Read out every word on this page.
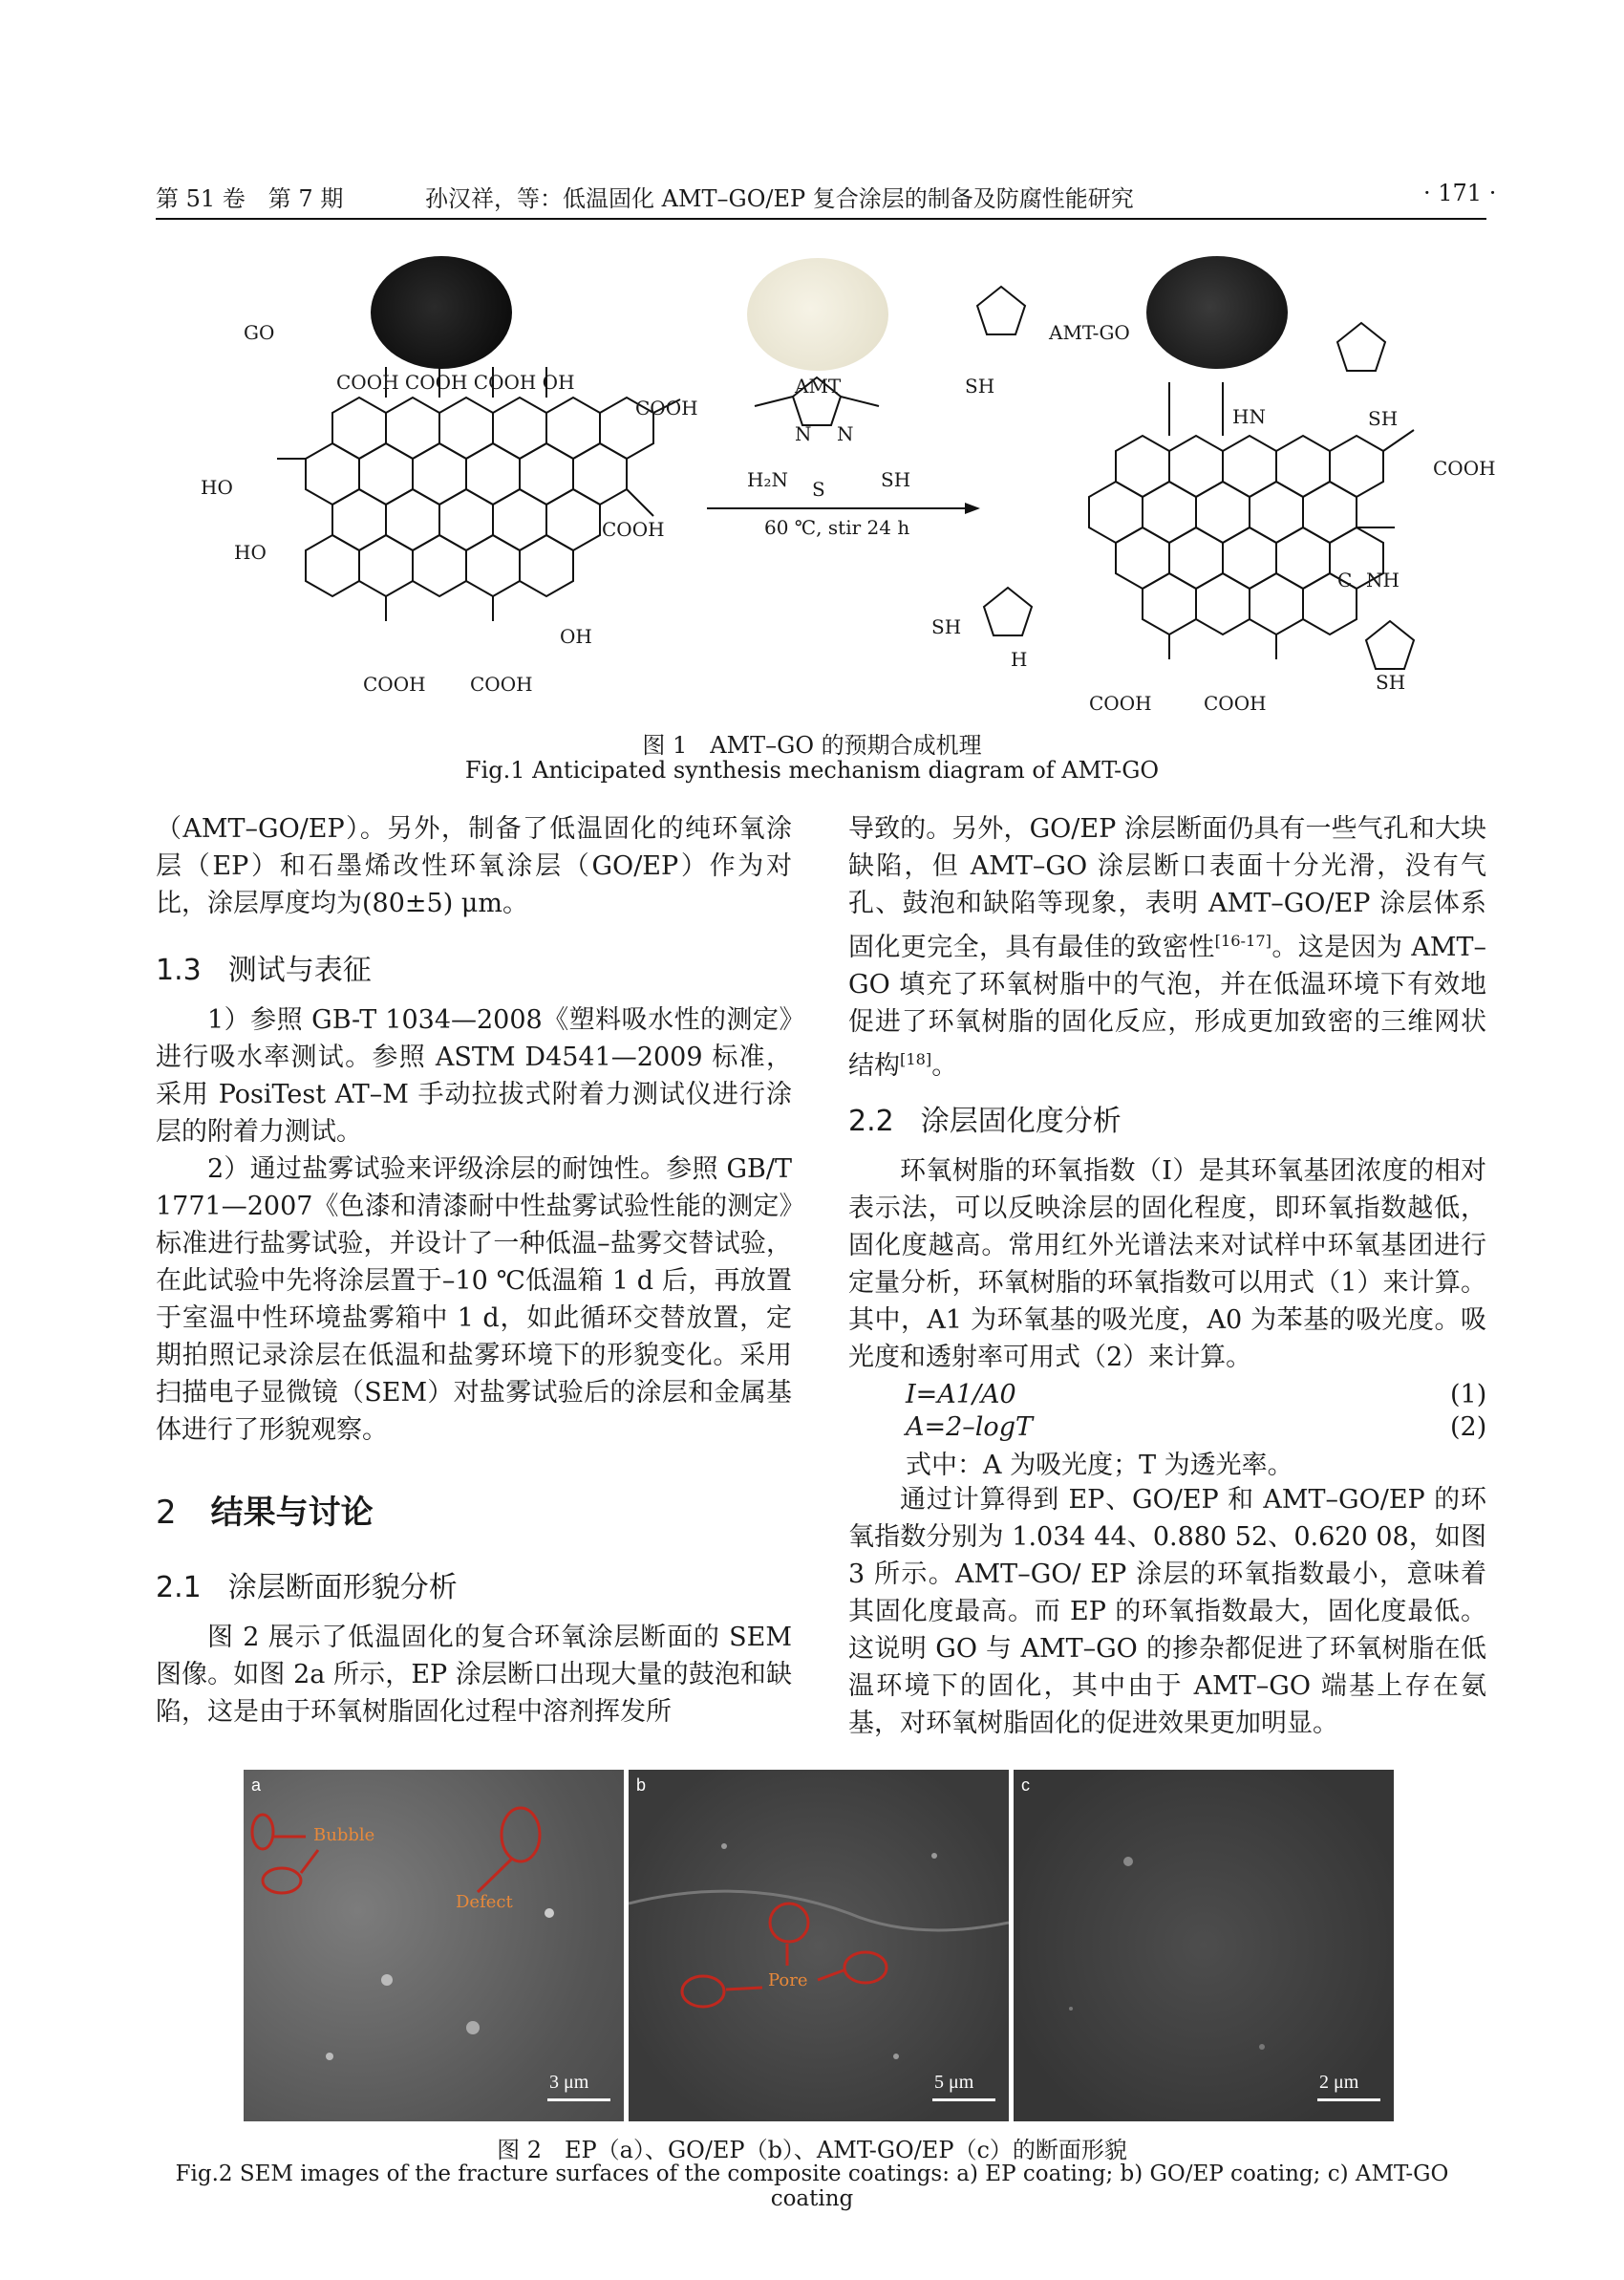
第 51 卷　第 7 期	孙汉祥，等：低温固化 AMT–GO/EP 复合涂层的制备及防腐性能研究	· 171 ·
GO
AMT
AMT-GO
COOH COOH COOH OH
H₂N	SH
S
N N
60 ℃, stir 24 h
COOH
COOH
HO
HO
COOH COOH
OH
COOH
COOH	COOH
SH
SH
SH
SH
HN
NH
C
H
图 1　AMT–GO 的预期合成机理
Fig.1 Anticipated synthesis mechanism diagram of AMT-GO

（AMT–GO/EP）。另外，制备了低温固化的纯环氧涂层（EP）和石墨烯改性环氧涂层（GO/EP）作为对比，涂层厚度均为(80±5) μm。

1.3 测试与表征

1）参照 GB-T 1034—2008《塑料吸水性的测定》进行吸水率测试。参照 ASTM D4541—2009 标准，采用 PosiTest AT–M 手动拉拔式附着力测试仪进行涂层的附着力测试。

2）通过盐雾试验来评级涂层的耐蚀性。参照 GB/T 1771—2007《色漆和清漆耐中性盐雾试验性能的测定》标准进行盐雾试验，并设计了一种低温–盐雾交替试验，在此试验中先将涂层置于–10 ℃低温箱 1 d 后，再放置于室温中性环境盐雾箱中 1 d，如此循环交替放置，定期拍照记录涂层在低温和盐雾环境下的形貌变化。采用扫描电子显微镜（SEM）对盐雾试验后的涂层和金属基体进行了形貌观察。

2 结果与讨论
2.1 涂层断面形貌分析

图 2 展示了低温固化的复合环氧涂层断面的 SEM 图像。如图 2a 所示，EP 涂层断口出现大量的鼓泡和缺陷，这是由于环氧树脂固化过程中溶剂挥发所

导致的。另外，GO/EP 涂层断面仍具有一些气孔和大块缺陷，但 AMT–GO 涂层断口表面十分光滑，没有气孔、鼓泡和缺陷等现象，表明 AMT–GO/EP 涂层体系固化更完全，具有最佳的致密性[16-17]。这是因为 AMT–GO 填充了环氧树脂中的气泡，并在低温环境下有效地促进了环氧树脂的固化反应，形成更加致密的三维网状结构[18]。

2.2 涂层固化度分析

环氧树脂的环氧指数（I）是其环氧基团浓度的相对表示法，可以反映涂层的固化程度，即环氧指数越低，固化度越高。常用红外光谱法来对试样中环氧基团进行定量分析，环氧树脂的环氧指数可以用式（1）来计算。其中，A1 为环氧基的吸光度，A0 为苯基的吸光度。吸光度和透射率可用式（2）来计算。

I=A1/A0	(1)
A=2–logT	(2)

式中：A 为吸光度；T 为透光率。

通过计算得到 EP、GO/EP 和 AMT–GO/EP 的环氧指数分别为 1.034 44、0.880 52、0.620 08，如图 3 所示。AMT–GO/ EP 涂层的环氧指数最小，意味着其固化度最高。而 EP 的环氧指数最大，固化度最低。这说明 GO 与 AMT–GO 的掺杂都促进了环氧树脂在低温环境下的固化，其中由于 AMT–GO 端基上存在氨基，对环氧树脂固化的促进效果更加明显。

a
Bubble
Defect
3 μm
b
Pore
5 μm
c
2 μm
图 2　EP（a）、GO/EP（b）、AMT-GO/EP（c）的断面形貌
Fig.2 SEM images of the fracture surfaces of the composite coatings: a) EP coating; b) GO/EP coating; c) AMT-GO coating
